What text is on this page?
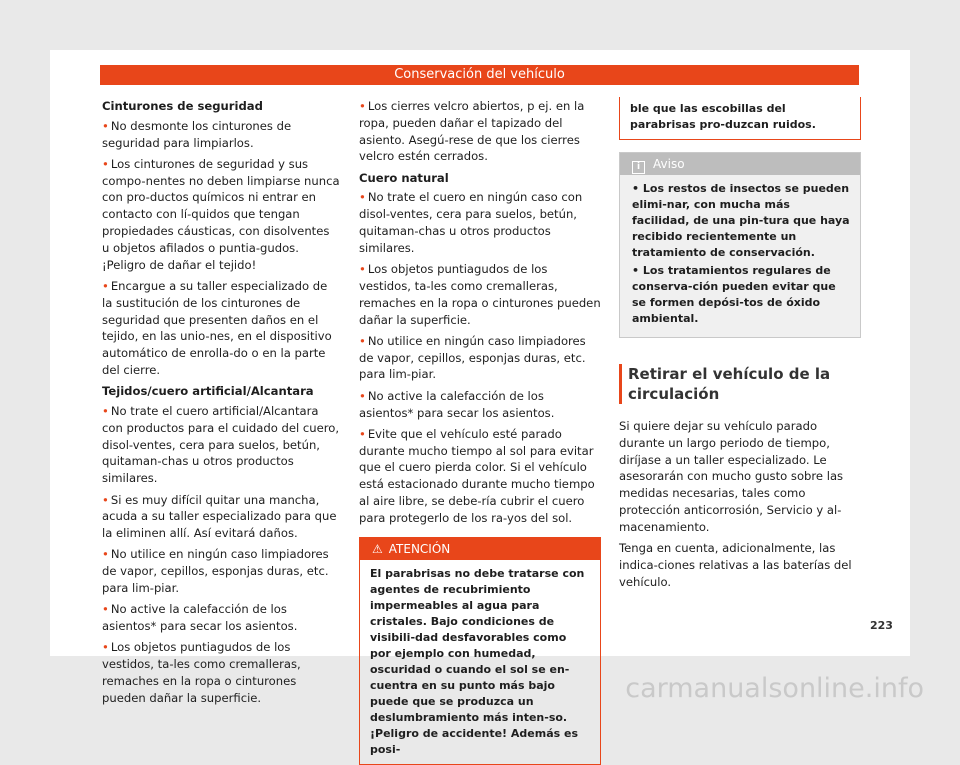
Conservación del vehículo
Cinturones de seguridad

• No desmonte los cinturones de seguridad para limpiarlos.

• Los cinturones de seguridad y sus compo-nentes no deben limpiarse nunca con pro-ductos químicos ni entrar en contacto con lí-quidos que tengan propiedades cáusticas, con disolventes u objetos afilados o puntia-gudos. ¡Peligro de dañar el tejido!

• Encargue a su taller especializado de la sustitución de los cinturones de seguridad que presenten daños en el tejido, en las unio-nes, en el dispositivo automático de enrolla-do o en la parte del cierre.

Tejidos/cuero artificial/Alcantara

• No trate el cuero artificial/Alcantara con productos para el cuidado del cuero, disol-ventes, cera para suelos, betún, quitaman-chas u otros productos similares.

• Si es muy difícil quitar una mancha, acuda a su taller especializado para que la eliminen allí. Así evitará daños.

• No utilice en ningún caso limpiadores de vapor, cepillos, esponjas duras, etc. para lim-piar.

• No active la calefacción de los asientos* para secar los asientos.

• Los objetos puntiagudos de los vestidos, ta-les como cremalleras, remaches en la ropa o cinturones pueden dañar la superficie.

• Los cierres velcro abiertos, p ej. en la ropa, pueden dañar el tapizado del asiento. Asegú-rese de que los cierres velcro estén cerrados.

Cuero natural

• No trate el cuero en ningún caso con disol-ventes, cera para suelos, betún, quitaman-chas u otros productos similares.

• Los objetos puntiagudos de los vestidos, ta-les como cremalleras, remaches en la ropa o cinturones pueden dañar la superficie.

• No utilice en ningún caso limpiadores de vapor, cepillos, esponjas duras, etc. para lim-piar.

• No active la calefacción de los asientos* para secar los asientos.

• Evite que el vehículo esté parado durante mucho tiempo al sol para evitar que el cuero pierda color. Si el vehículo está estacionado durante mucho tiempo al aire libre, se debe-ría cubrir el cuero para protegerlo de los ra-yos del sol.

⚠ ATENCIÓN
El parabrisas no debe tratarse con agentes de recubrimiento impermeables al agua para cristales. Bajo condiciones de visibili-dad desfavorables como por ejemplo con humedad, oscuridad o cuando el sol se en-cuentra en su punto más bajo puede que se produzca un deslumbramiento más inten-so. ¡Peligro de accidente! Además es posi-
ble que las escobillas del parabrisas pro-duzcan ruidos.
i Aviso

• Los restos de insectos se pueden elimi-nar, con mucha más facilidad, de una pin-tura que haya recibido recientemente un tratamiento de conservación.

• Los tratamientos regulares de conserva-ción pueden evitar que se formen depósi-tos de óxido ambiental.

Retirar el vehículo de la circulación

Si quiere dejar su vehículo parado durante un largo periodo de tiempo, diríjase a un taller especializado. Le asesorarán con mucho gusto sobre las medidas necesarias, tales como protección anticorrosión, Servicio y al-macenamiento.

Tenga en cuenta, adicionalmente, las indica-ciones relativas a las baterías del vehículo.

223
carmanualsonline.info
